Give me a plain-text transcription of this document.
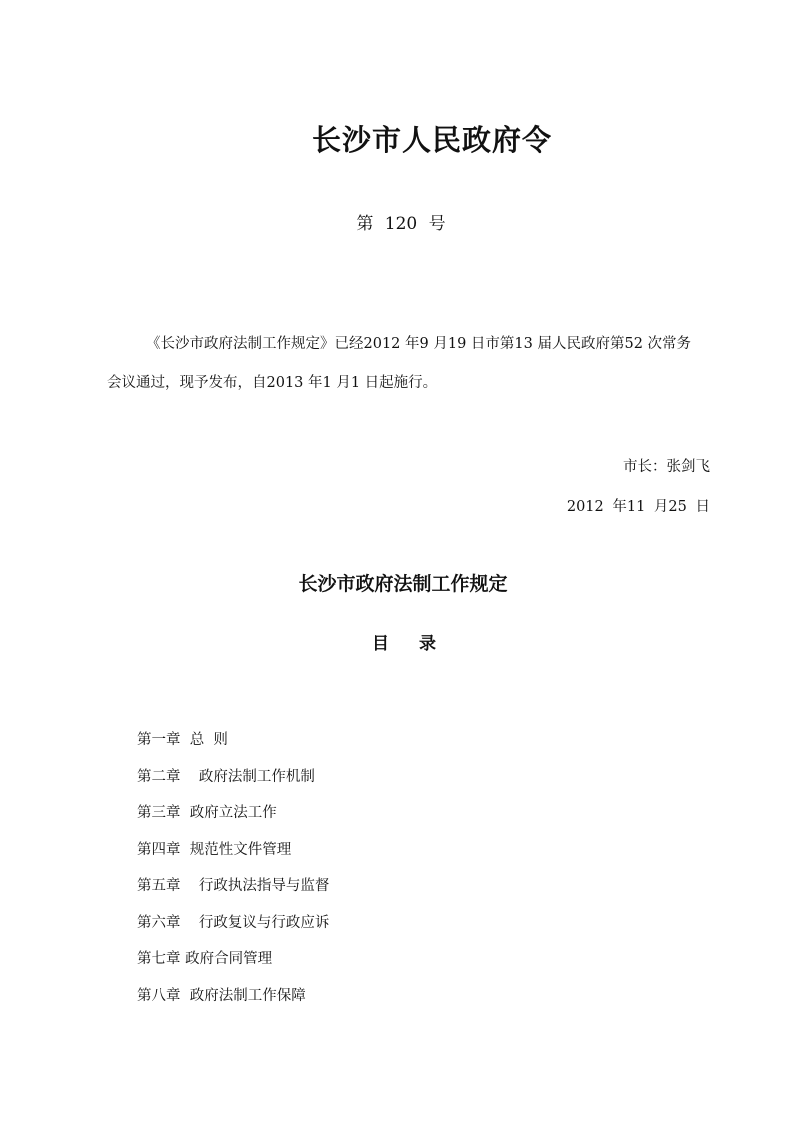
长沙市人民政府令
第 120 号
《长沙市政府法制工作规定》已经2012 年9 月19 日市第13 届人民政府第52 次常务
会议通过，现予发布，自2013 年1 月1 日起施行。
市长：张剑飞
2012 年11 月25 日
长沙市政府法制工作规定
目 录
第一章  总  则
第二章    政府法制工作机制
第三章  政府立法工作
第四章  规范性文件管理
第五章    行政执法指导与监督
第六章    行政复议与行政应诉
第七章 政府合同管理
第八章  政府法制工作保障
